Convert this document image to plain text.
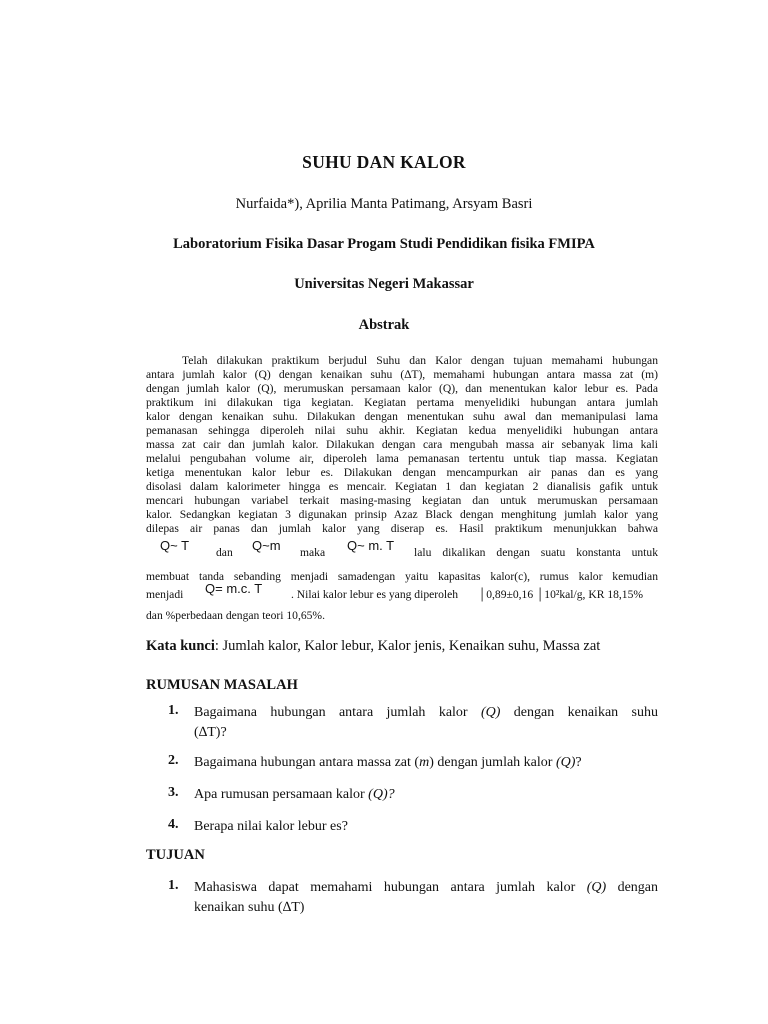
SUHU DAN KALOR
Nurfaida*), Aprilia Manta Patimang, Arsyam Basri
Laboratorium Fisika Dasar Progam Studi Pendidikan fisika FMIPA
Universitas Negeri Makassar
Abstrak
Telah dilakukan praktikum berjudul Suhu dan Kalor dengan tujuan memahami hubungan
antara jumlah kalor (Q) dengan kenaikan suhu (∆T), memahami hubungan antara massa zat (m)
dengan jumlah kalor (Q), merumuskan persamaan kalor (Q), dan menentukan kalor lebur es. Pada
praktikum ini dilakukan tiga kegiatan. Kegiatan pertama menyelidiki hubungan antara jumlah
kalor dengan kenaikan suhu. Dilakukan dengan menentukan suhu awal dan memanipulasi lama
pemanasan sehingga diperoleh nilai suhu akhir. Kegiatan kedua menyelidiki hubungan antara
massa zat cair dan jumlah kalor. Dilakukan dengan cara mengubah massa air sebanyak lima kali
melalui pengubahan volume air, diperoleh lama pemanasan tertentu untuk tiap massa. Kegiatan
ketiga menentukan kalor lebur es. Dilakukan dengan mencampurkan air panas dan es yang
disolasi dalam kalorimeter hingga es mencair. Kegiatan 1 dan kegiatan 2 dianalisis gafik untuk
mencari hubungan variabel terkait masing-masing kegiatan dan untuk merumuskan persamaan
kalor. Sedangkan kegiatan 3 digunakan prinsip Azaz Black dengan menghitung jumlah kalor yang
dilepas air panas dan jumlah kalor yang diserap es. Hasil praktikum menunjukkan bahwa
Q~ T dan Q~m maka Q~ m. T lalu dikalikan dengan suatu konstanta untuk
membuat tanda sebanding menjadi samadengan yaitu kapasitas kalor(c), rumus kalor kemudian
menjadi Q= m.c. T . Nilai kalor lebur es yang diperoleh │0,89±0,16 │10²kal/g, KR 18,15%
dan %perbedaan dengan teori 10,65%.
Kata kunci: Jumlah kalor, Kalor lebur, Kalor jenis, Kenaikan suhu, Massa zat
RUMUSAN MASALAH
1. Bagaimana hubungan antara jumlah kalor (Q) dengan kenaikan suhu
(∆T)?
2. Bagaimana hubungan antara massa zat (m) dengan jumlah kalor (Q)?
3. Apa rumusan persamaan kalor (Q)?
4. Berapa nilai kalor lebur es?
TUJUAN
1. Mahasiswa dapat memahami hubungan antara jumlah kalor (Q) dengan
kenaikan suhu (∆T)
